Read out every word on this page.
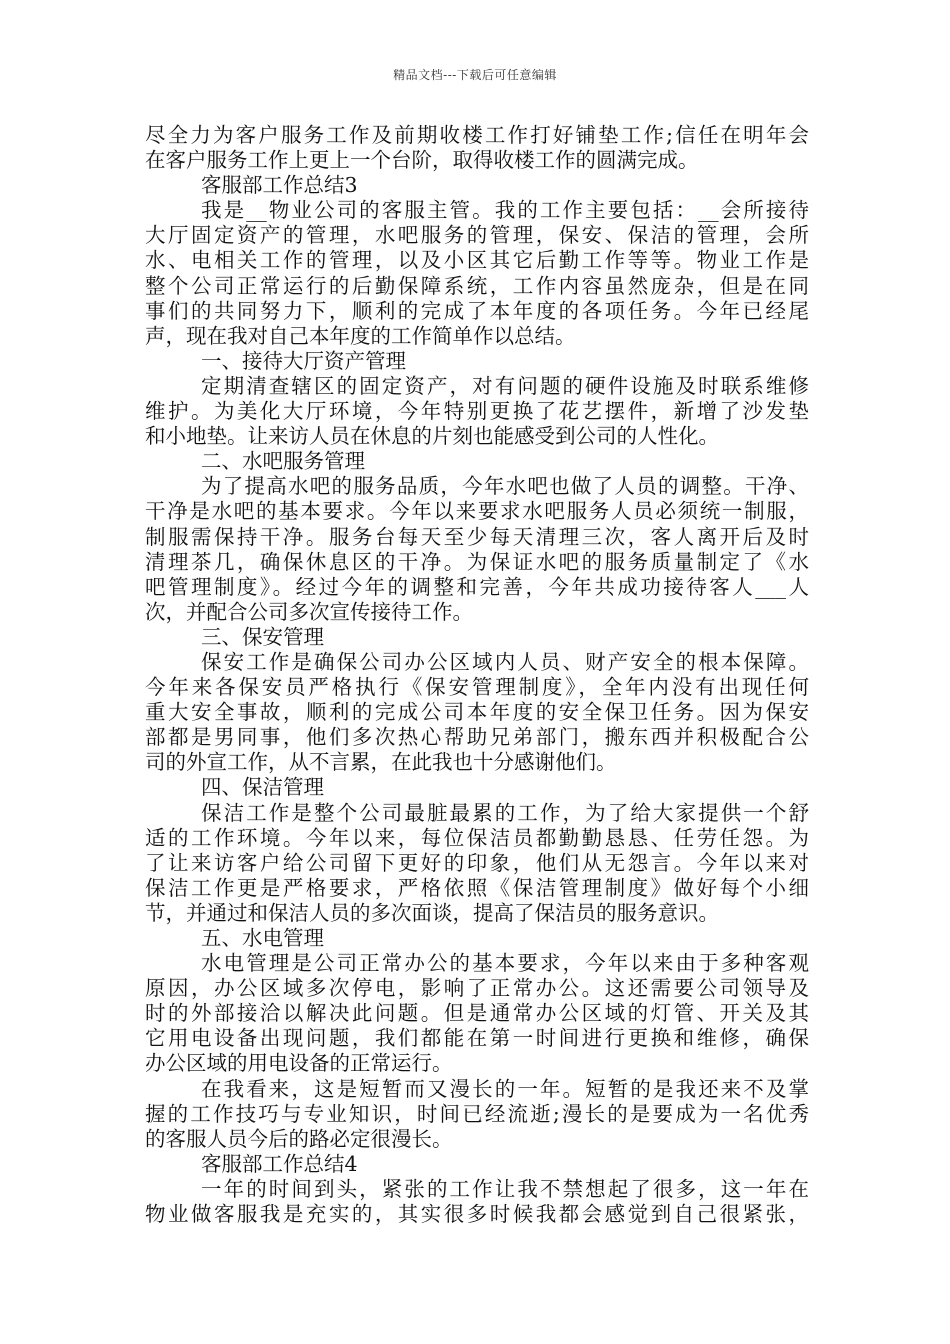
精品文档---下载后可任意编辑
尽全力为客户服务工作及前期收楼工作打好铺垫工作;信任在明年会
在客户服务工作上更上一个台阶，取得收楼工作的圆满完成。
客服部工作总结3
我是__物业公司的客服主管。我的工作主要包括：__会所接待
大厅固定资产的管理，水吧服务的管理，保安、保洁的管理，会所
水、电相关工作的管理，以及小区其它后勤工作等等。物业工作是
整个公司正常运行的后勤保障系统，工作内容虽然庞杂，但是在同
事们的共同努力下，顺利的完成了本年度的各项任务。今年已经尾
声，现在我对自己本年度的工作简单作以总结。
一、接待大厅资产管理
定期清查辖区的固定资产，对有问题的硬件设施及时联系维修
维护。为美化大厅环境，今年特别更换了花艺摆件，新增了沙发垫
和小地垫。让来访人员在休息的片刻也能感受到公司的人性化。
二、水吧服务管理
为了提高水吧的服务品质，今年水吧也做了人员的调整。干净、
干净是水吧的基本要求。今年以来要求水吧服务人员必须统一制服，
制服需保持干净。服务台每天至少每天清理三次，客人离开后及时
清理茶几，确保休息区的干净。为保证水吧的服务质量制定了《水
吧管理制度》。经过今年的调整和完善，今年共成功接待客人___人
次，并配合公司多次宣传接待工作。
三、保安管理
保安工作是确保公司办公区域内人员、财产安全的根本保障。
今年来各保安员严格执行《保安管理制度》，全年内没有出现任何
重大安全事故，顺利的完成公司本年度的安全保卫任务。因为保安
部都是男同事，他们多次热心帮助兄弟部门，搬东西并积极配合公
司的外宣工作，从不言累，在此我也十分感谢他们。
四、保洁管理
保洁工作是整个公司最脏最累的工作，为了给大家提供一个舒
适的工作环境。今年以来，每位保洁员都勤勤恳恳、任劳任怨。为
了让来访客户给公司留下更好的印象，他们从无怨言。今年以来对
保洁工作更是严格要求，严格依照《保洁管理制度》做好每个小细
节，并通过和保洁人员的多次面谈，提高了保洁员的服务意识。
五、水电管理
水电管理是公司正常办公的基本要求，今年以来由于多种客观
原因，办公区域多次停电，影响了正常办公。这还需要公司领导及
时的外部接洽以解决此问题。但是通常办公区域的灯管、开关及其
它用电设备出现问题，我们都能在第一时间进行更换和维修，确保
办公区域的用电设备的正常运行。
在我看来，这是短暂而又漫长的一年。短暂的是我还来不及掌
握的工作技巧与专业知识，时间已经流逝;漫长的是要成为一名优秀
的客服人员今后的路必定很漫长。
客服部工作总结4
一年的时间到头，紧张的工作让我不禁想起了很多，这一年在
物业做客服我是充实的，其实很多时候我都会感觉到自己很紧张，
